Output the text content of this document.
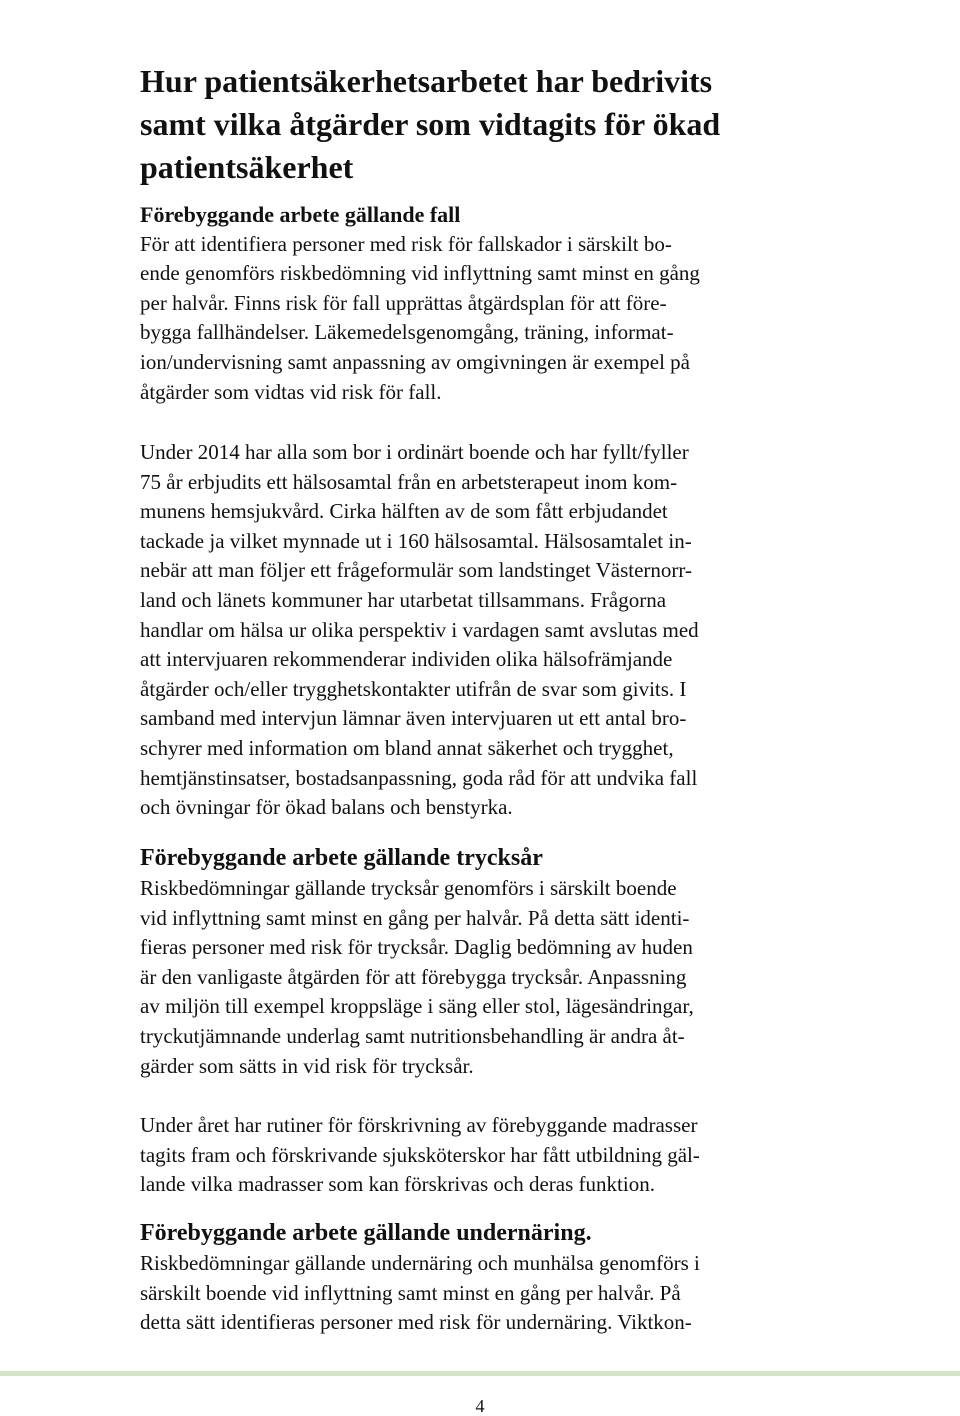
Hur patientsäkerhetsarbetet har bedrivits
samt vilka åtgärder som vidtagits för ökad
patientsäkerhet
Förebyggande arbete gällande fall
För att identifiera personer med risk för fallskador i särskilt bo-
ende genomförs riskbedömning vid inflyttning samt minst en gång
per halvår. Finns risk för fall upprättas åtgärdsplan för att före-
bygga fallhändelser. Läkemedelsgenomgång, träning, informat-
ion/undervisning samt anpassning av omgivningen är exempel på
åtgärder som vidtas vid risk för fall.
Under 2014 har alla som bor i ordinärt boende och har fyllt/fyller
75 år erbjudits ett hälsosamtal från en arbetsterapeut inom kom-
munens hemsjukvård. Cirka hälften av de som fått erbjudandet
tackade ja vilket mynnade ut i 160 hälsosamtal. Hälsosamtalet in-
nebär att man följer ett frågeformulär som landstinget Västernorr-
land och länets kommuner har utarbetat tillsammans. Frågorna
handlar om hälsa ur olika perspektiv i vardagen samt avslutas med
att intervjuaren rekommenderar individen olika hälsofrämjande
åtgärder och/eller trygghetskontakter utifrån de svar som givits. I
samband med intervjun lämnar även intervjuaren ut ett antal bro-
schyrer med information om bland annat säkerhet och trygghet,
hemtjänstinsatser, bostadsanpassning, goda råd för att undvika fall
och övningar för ökad balans och benstyrka.
Förebyggande arbete gällande trycksår
Riskbedömningar gällande trycksår genomförs i särskilt boende
vid inflyttning samt minst en gång per halvår. På detta sätt identi-
fieras personer med risk för trycksår. Daglig bedömning av huden
är den vanligaste åtgärden för att förebygga trycksår. Anpassning
av miljön till exempel kroppsläge i säng eller stol, lägesändringar,
tryckutjämnande underlag samt nutritionsbehandling är andra åt-
gärder som sätts in vid risk för trycksår.
Under året har rutiner för förskrivning av förebyggande madrasser
tagits fram och förskrivande sjuksköterskor har fått utbildning gäl-
lande vilka madrasser som kan förskrivas och deras funktion.
Förebyggande arbete gällande undernäring.
Riskbedömningar gällande undernäring och munhälsa genomförs i
särskilt boende vid inflyttning samt minst en gång per halvår. På
detta sätt identifieras personer med risk för undernäring. Viktkon-
4
